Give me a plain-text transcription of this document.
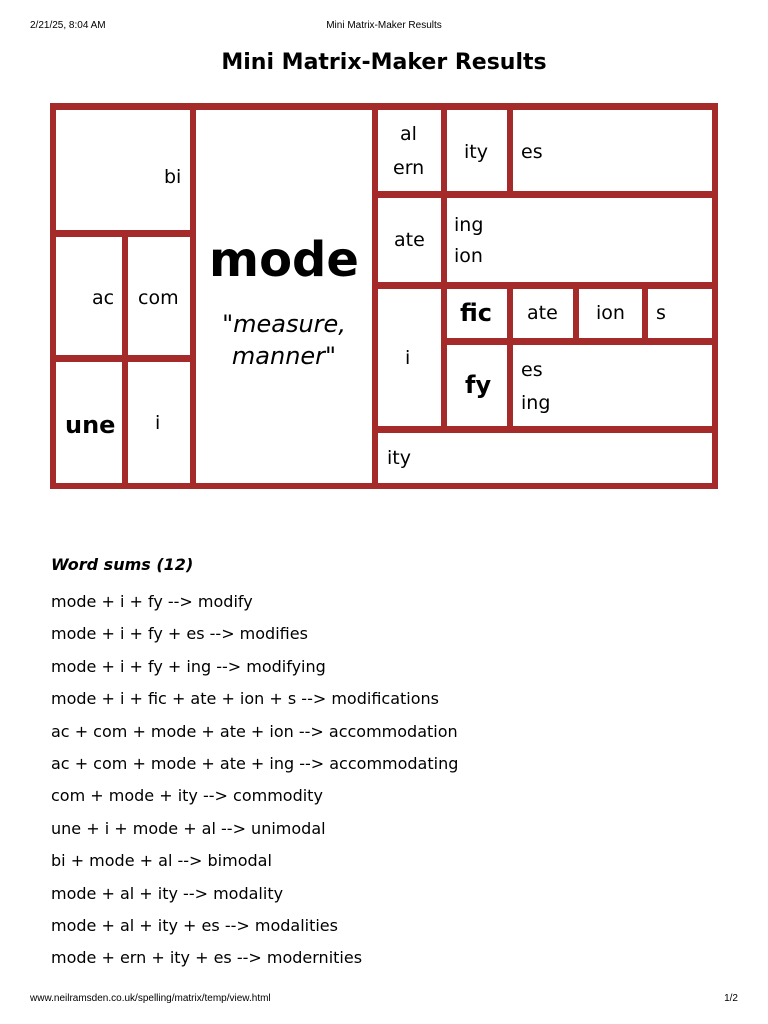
2/21/25, 8:04 AM	Mini Matrix-Maker Results
Mini Matrix-Maker Results
bi
ac com
une i
mode
"measure,
manner"
al
ern
ity es
ate
ing
ion
i
fic ate ion s
fy
es
ing
ity
Word sums (12)
mode + i + fy --> modify
mode + i + fy + es --> modifies
mode + i + fy + ing --> modifying
mode + i + fic + ate + ion + s --> modifications
ac + com + mode + ate + ion --> accommodation
ac + com + mode + ate + ing --> accommodating
com + mode + ity --> commodity
une + i + mode + al --> unimodal
bi + mode + al --> bimodal
mode + al + ity --> modality
mode + al + ity + es --> modalities
mode + ern + ity + es --> modernities
www.neilramsden.co.uk/spelling/matrix/temp/view.html	1/2
